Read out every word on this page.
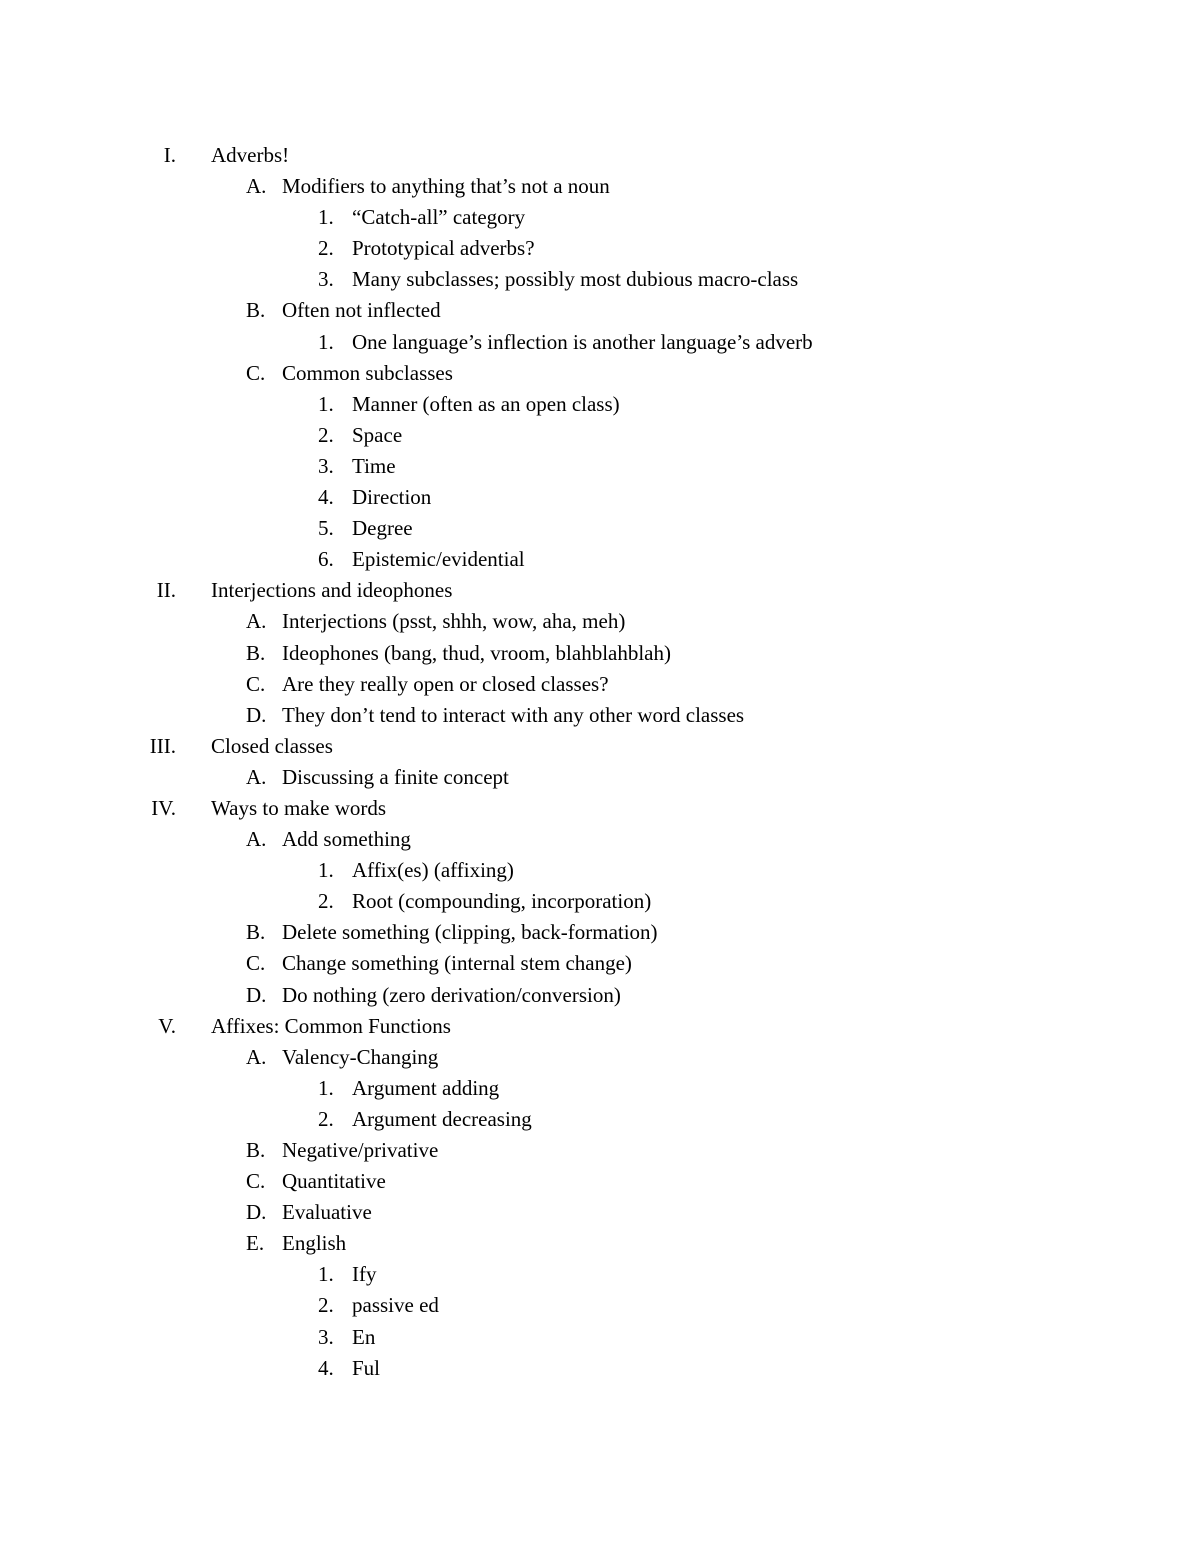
I. Adverbs!
A. Modifiers to anything that’s not a noun
1. “Catch-all” category
2. Prototypical adverbs?
3. Many subclasses; possibly most dubious macro-class
B. Often not inflected
1. One language’s inflection is another language’s adverb
C. Common subclasses
1. Manner (often as an open class)
2. Space
3. Time
4. Direction
5. Degree
6. Epistemic/evidential
II. Interjections and ideophones
A. Interjections (psst, shhh, wow, aha, meh)
B. Ideophones (bang, thud, vroom, blahblahblah)
C. Are they really open or closed classes?
D. They don’t tend to interact with any other word classes
III. Closed classes
A. Discussing a finite concept
IV. Ways to make words
A. Add something
1. Affix(es) (affixing)
2. Root (compounding, incorporation)
B. Delete something (clipping, back-formation)
C. Change something (internal stem change)
D. Do nothing (zero derivation/conversion)
V. Affixes: Common Functions
A. Valency-Changing
1. Argument adding
2. Argument decreasing
B. Negative/privative
C. Quantitative
D. Evaluative
E. English
1. Ify
2. passive ed
3. En
4. Ful
